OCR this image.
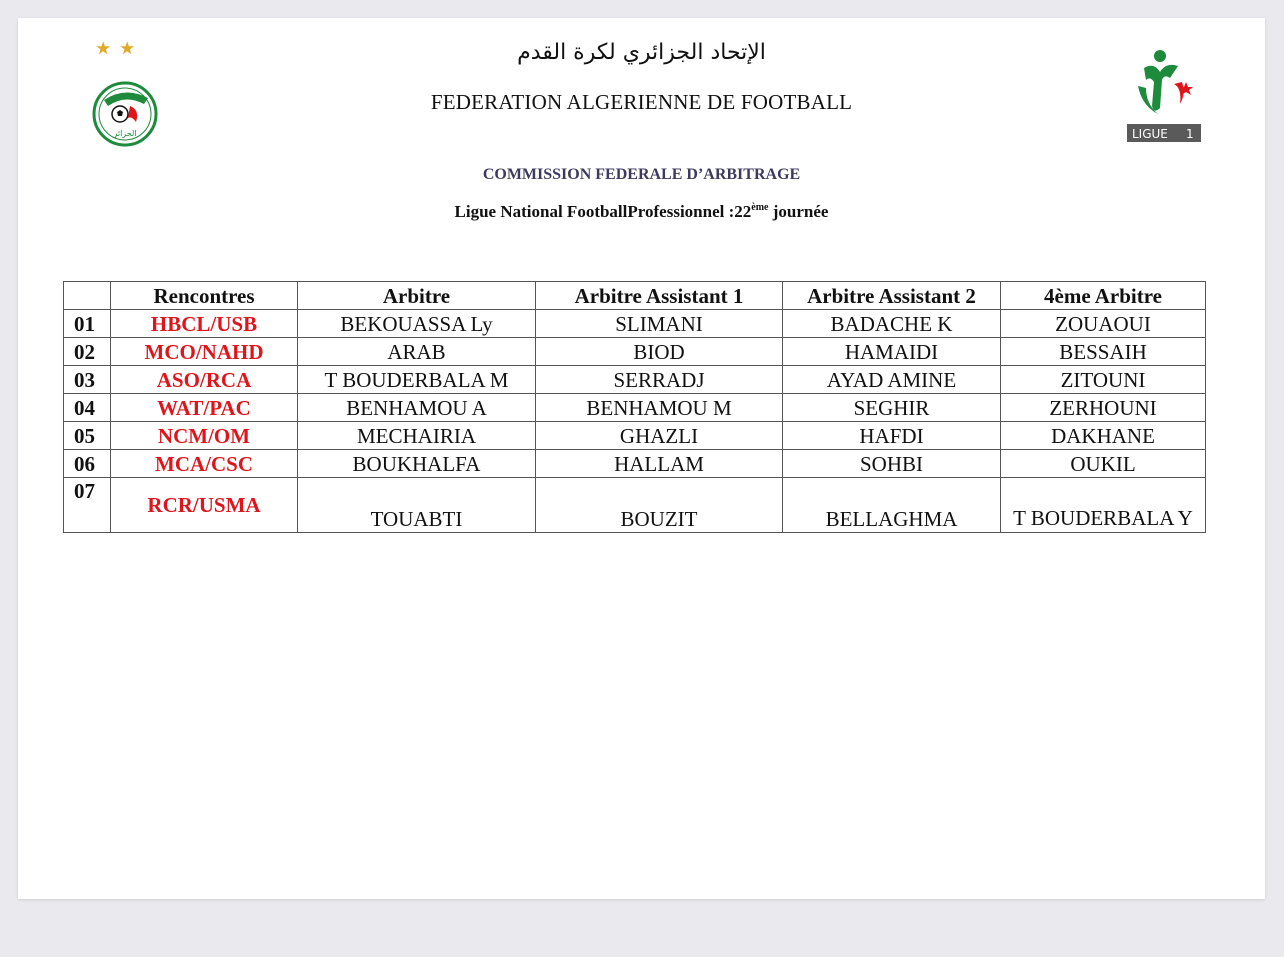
الجزائر	LIGUE 1
الإتحاد الجزائري لكرة القدم
FEDERATION ALGERIENNE DE FOOTBALL
COMMISSION FEDERALE D’ARBITRAGE
Ligue National FootballProfessionnel :22ème journée
	Rencontres	Arbitre	Arbitre Assistant 1	Arbitre Assistant 2	4ème Arbitre
01	HBCL/USB	BEKOUASSA Ly	SLIMANI	BADACHE K	ZOUAOUI
02	MCO/NAHD	ARAB	BIOD	HAMAIDI	BESSAIH
03	ASO/RCA	T BOUDERBALA M	SERRADJ	AYAD AMINE	ZITOUNI
04	WAT/PAC	BENHAMOU A	BENHAMOU M	SEGHIR	ZERHOUNI
05	NCM/OM	MECHAIRIA	GHAZLI	HAFDI	DAKHANE
06	MCA/CSC	BOUKHALFA	HALLAM	SOHBI	OUKIL
07	RCR/USMA	TOUABTI	BOUZIT	BELLAGHMA	T BOUDERBALA Y
